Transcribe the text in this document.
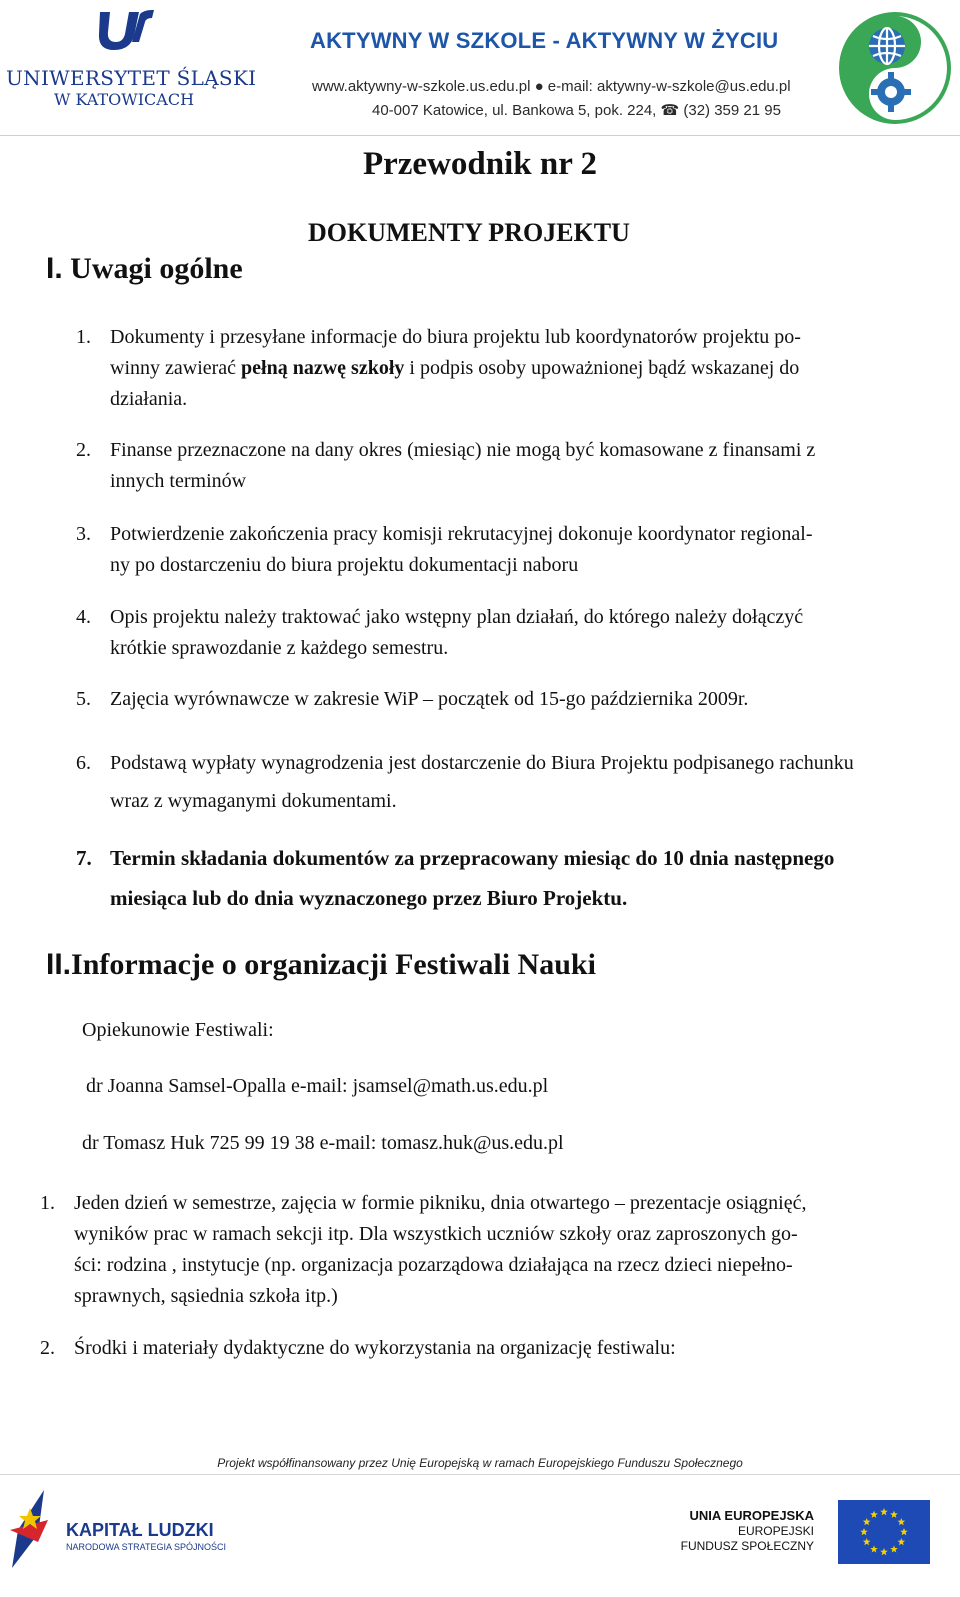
UNIWERSYTET ŚLĄSKI
W KATOWICACH
AKTYWNY W SZKOLE - AKTYWNY W ŻYCIU
www.aktywny-w-szkole.us.edu.pl ● e-mail: aktywny-w-szkole@us.edu.pl
40-007 Katowice, ul. Bankowa 5, pok. 224, ☎ (32) 359 21 95
Przewodnik nr 2
DOKUMENTY PROJEKTU
I. Uwagi ogólne
1. Dokumenty i przesyłane informacje do biura projektu lub koordynatorów projektu po-
winny zawierać pełną nazwę szkoły i podpis osoby upoważnionej bądź wskazanej do
działania.
2. Finanse przeznaczone na dany okres (miesiąc) nie mogą być komasowane z finansami z
innych terminów
3. Potwierdzenie zakończenia pracy komisji rekrutacyjnej dokonuje koordynator regional-
ny po dostarczeniu do biura projektu dokumentacji naboru
4. Opis projektu należy traktować jako wstępny plan działań, do którego należy dołączyć
krótkie sprawozdanie z każdego semestru.
5. Zajęcia wyrównawcze w zakresie WiP – początek od 15-go października 2009r.
6. Podstawą wypłaty wynagrodzenia jest dostarczenie do Biura Projektu podpisanego rachunku
wraz z wymaganymi dokumentami.
7. Termin składania dokumentów za przepracowany miesiąc do 10 dnia następnego
miesiąca lub do dnia wyznaczonego przez Biuro Projektu.
II.Informacje o organizacji Festiwali Nauki
Opiekunowie Festiwali:
dr Joanna Samsel-Opalla e-mail: jsamsel@math.us.edu.pl
dr Tomasz Huk 725 99 19 38 e-mail: tomasz.huk@us.edu.pl
1. Jeden dzień w semestrze, zajęcia w formie pikniku, dnia otwartego – prezentacje osiągnięć,
wyników prac w ramach sekcji itp. Dla wszystkich uczniów szkoły oraz zaproszonych go-
ści: rodzina , instytucje (np. organizacja pozarządowa działająca na rzecz dzieci niepełno-
sprawnych, sąsiednia szkoła itp.)
2. Środki i materiały dydaktyczne do wykorzystania na organizację festiwalu:
Projekt współfinansowany przez Unię Europejską w ramach Europejskiego Funduszu Społecznego
KAPITAŁ LUDZKI
NARODOWA STRATEGIA SPÓJNOŚCI
UNIA EUROPEJSKA
EUROPEJSKI
FUNDUSZ SPOŁECZNY
